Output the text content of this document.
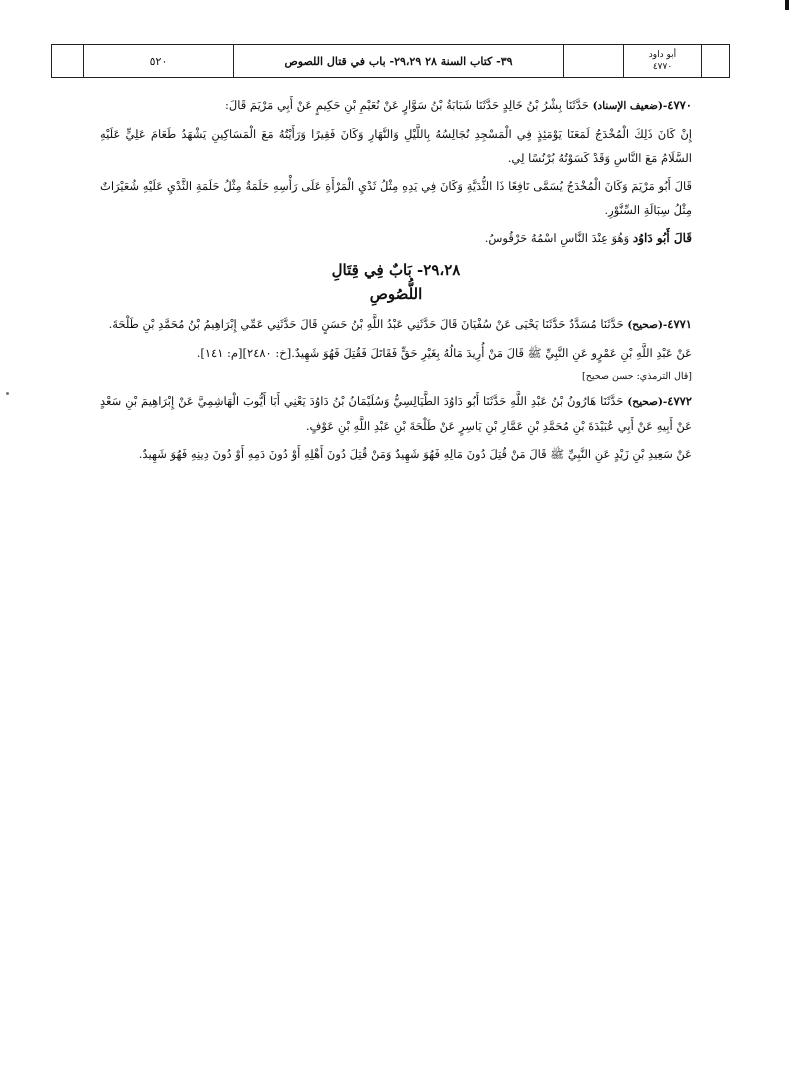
أبو داود
٤٧٧٠
٣٩- كتاب السنة ٢٨ ٢٩،٢٩- باب في قتال اللصوص
٥٢٠

٤٧٧٠-(ضعيف الإسناد) حَدَّثَنَا بِشْرُ بْنُ خَالِدٍ حَدَّثَنَا شَبَابَةُ بْنُ سَوَّارٍ عَنْ نُعَيْمِ بْنِ حَكِيمٍ عَنْ أَبِي مَرْيَمَ قَالَ:

إِنْ كَانَ ذَلِكَ الْمُخْدَجُ لَمَعَنَا يَوْمَئِذٍ فِي الْمَسْجِدِ نُجَالِسُهُ بِاللَّيْلِ وَالنَّهَارِ وَكَانَ فَقِيرًا وَرَأَيْتُهُ مَعَ الْمَسَاكِينِ يَشْهَدُ طَعَامَ عَلِيٍّ عَلَيْهِ السَّلَامُ مَعَ النَّاسِ وَقَدْ كَسَوْتُهُ بُرْنُسًا لِي.

قَالَ أَبُو مَرْيَمَ وَكَانَ الْمُخْدَجُ يُسَمَّى نَافِعًا ذَا الثُّدَيَّةِ وَكَانَ فِي يَدِهِ مِثْلُ ثَدْيِ الْمَرْأَةِ عَلَى رَأْسِهِ حَلَمَةٌ مِثْلُ حَلَمَةِ الثَّدْيِ عَلَيْهِ شُعَيْرَاتٌ مِثْلُ سِبَالَةِ السِّنَّوْرِ.

قَالَ أَبُو دَاوُد وَهُوَ عِنْدَ النَّاسِ اسْمُهُ حَرْقُوسُ.

٢٩،٢٨- بَابٌ فِي قِتَالِ
اللُّصُوصِ

٤٧٧١-(صحيح) حَدَّثَنَا مُسَدَّدٌ حَدَّثَنَا يَحْيَى عَنْ سُفْيَانَ قَالَ حَدَّثَنِي عَبْدُ اللَّهِ بْنُ حَسَنٍ قَالَ حَدَّثَنِي عَمِّي إِبْرَاهِيمُ بْنُ مُحَمَّدِ بْنِ طَلْحَةَ.

عَنْ عَبْدِ اللَّهِ بْنِ عَمْرٍو عَنِ النَّبِيِّ ﷺ قَالَ مَنْ أُرِيدَ مَالُهُ بِغَيْرِ حَقٍّ فَقَاتَلَ فَقُتِلَ فَهُوَ شَهِيدٌ.[خ: ٢٤٨٠][م: ١٤١].

[قال الترمذي: حسن صحيح]

٤٧٧٢-(صحيح) حَدَّثَنَا هَارُونُ بْنُ عَبْدِ اللَّهِ حَدَّثَنَا أَبُو دَاوُدَ الطَّيَالِسِيُّ وَسُلَيْمَانُ بْنُ دَاوُدَ يَعْنِي أَبَا أَيُّوبَ الْهَاشِمِيَّ عَنْ إِبْرَاهِيمَ بْنِ سَعْدٍ عَنْ أَبِيهِ عَنْ أَبِي عُبَيْدَةَ بْنِ مُحَمَّدِ بْنِ عَمَّارِ بْنِ يَاسِرٍ عَنْ طَلْحَةَ بْنِ عَبْدِ اللَّهِ بْنِ عَوْفٍ.

عَنْ سَعِيدِ بْنِ زَيْدٍ عَنِ النَّبِيِّ ﷺ قَالَ مَنْ قُتِلَ دُونَ مَالِهِ فَهُوَ شَهِيدٌ وَمَنْ قُتِلَ دُونَ أَهْلِهِ أَوْ دُونَ دَمِهِ أَوْ دُونَ دِينِهِ فَهُوَ شَهِيدٌ.
